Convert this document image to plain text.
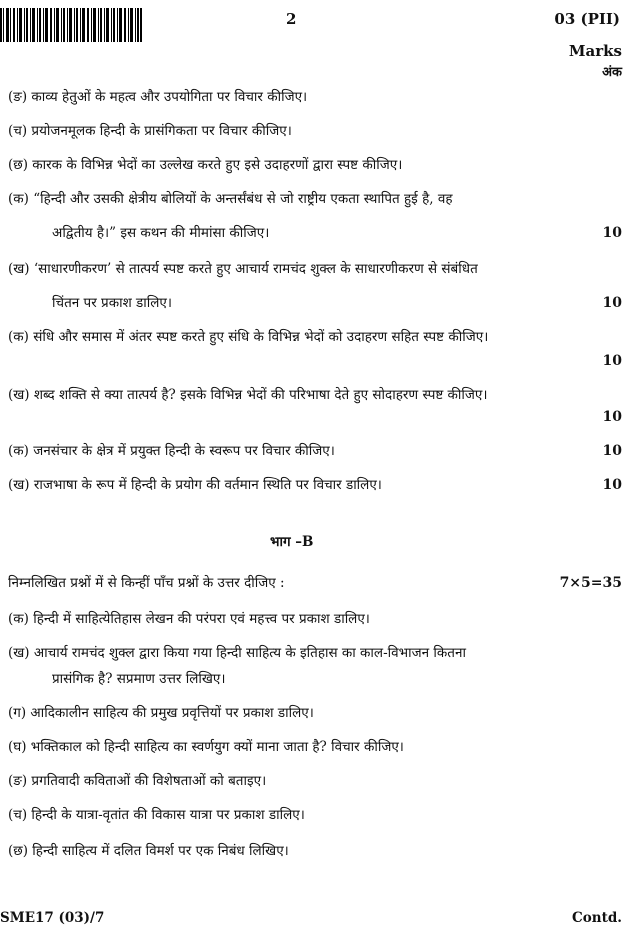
2	03 (PII)
Marks
अंक
(ङ) काव्य हेतुओं के महत्व और उपयोगिता पर विचार कीजिए।
(च) प्रयोजनमूलक हिन्दी के प्रासंगिकता पर विचार कीजिए।
(छ) कारक के विभिन्न भेदों का उल्लेख करते हुए इसे उदाहरणों द्वारा स्पष्ट कीजिए।
(क) “हिन्दी और उसकी क्षेत्रीय बोलियों के अन्तर्संबंध से जो राष्ट्रीय एकता स्थापित हुई है, वह
अद्वितीय है।” इस कथन की मीमांसा कीजिए।	10
(ख) ‘साधारणीकरण’ से तात्पर्य स्पष्ट करते हुए आचार्य रामचंद शुक्ल के साधारणीकरण से संबंधित
चिंतन पर प्रकाश डालिए।	10
(क) संधि और समास में अंतर स्पष्ट करते हुए संधि के विभिन्न भेदों को उदाहरण सहित स्पष्ट कीजिए।
10
(ख) शब्द शक्ति से क्या तात्पर्य है? इसके विभिन्न भेदों की परिभाषा देते हुए सोदाहरण स्पष्ट कीजिए।
10
(क) जनसंचार के क्षेत्र में प्रयुक्त हिन्दी के स्वरूप पर विचार कीजिए।	10
(ख) राजभाषा के रूप में हिन्दी के प्रयोग की वर्तमान स्थिति पर विचार डालिए।	10
भाग –B
निम्नलिखित प्रश्नों में से किन्हीं पाँच प्रश्नों के उत्तर दीजिए :	7×5=35
(क) हिन्दी में साहित्येतिहास लेखन की परंपरा एवं महत्त्व पर प्रकाश डालिए।
(ख) आचार्य रामचंद शुक्ल द्वारा किया गया हिन्दी साहित्य के इतिहास का काल-विभाजन कितना
प्रासंगिक है? सप्रमाण उत्तर लिखिए।
(ग) आदिकालीन साहित्य की प्रमुख प्रवृत्तियों पर प्रकाश डालिए।
(घ) भक्तिकाल को हिन्दी साहित्य का स्वर्णयुग क्यों माना जाता है? विचार कीजिए।
(ङ) प्रगतिवादी कविताओं की विशेषताओं को बताइए।
(च) हिन्दी के यात्रा-वृतांत की विकास यात्रा पर प्रकाश डालिए।
(छ) हिन्दी साहित्य में दलित विमर्श पर एक निबंध लिखिए।
SME17 (03)/7	Contd.
